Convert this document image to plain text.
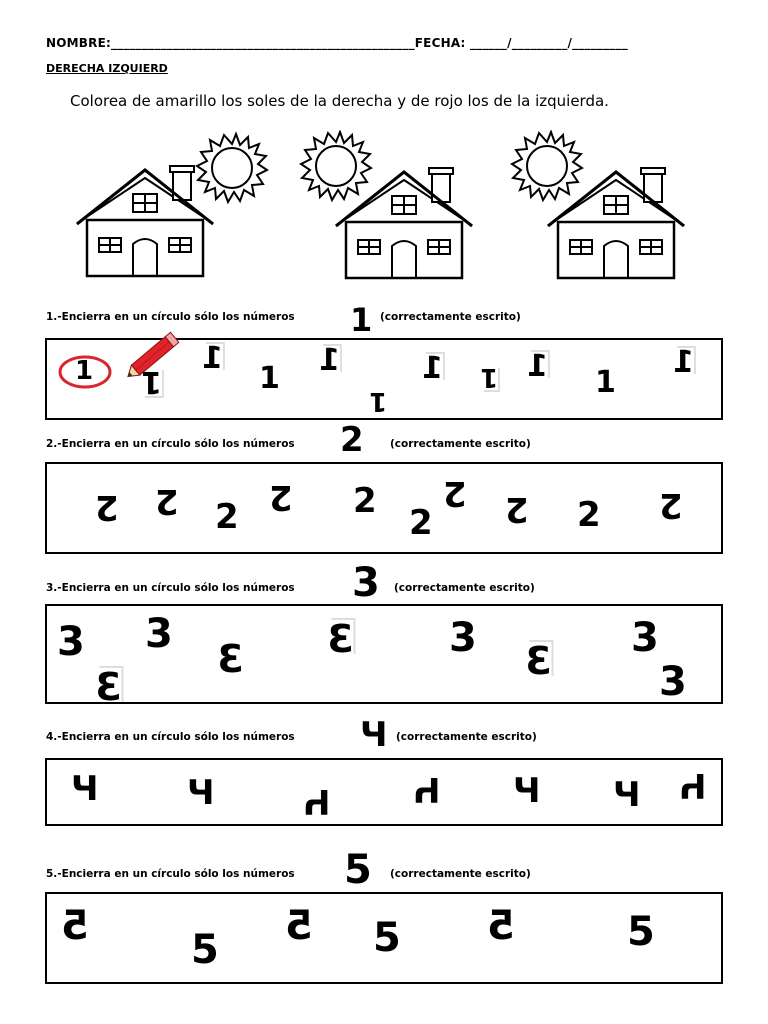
NOMBRE:_________________________________________________FECHA: ______/_________/_________
DERECHA IZQUIERD
Colorea de amarillo los soles de la derecha y de rojo los de la izquierda.
1.-Encierra en un círculo sólo los números 1 (correctamente escrito)
1 1
1
1
1
1
1 1 1 1
1
2.-Encierra en un círculo sólo los números 2	(correctamente escrito)
2 2 2 2 2
2
2 2 2 2
3.-Encierra en un círculo sólo los números 3 (correctamente escrito)
3
3
3
3 3 3 3 3
3
4.-Encierra en un círculo sólo los números Ч (correctamente escrito)
Ч	Ч	Ч Ч Ч Ч Ч
5.-Encierra en un círculo sólo los números 5 (correctamente escrito)
5
5
5 5 5	5
